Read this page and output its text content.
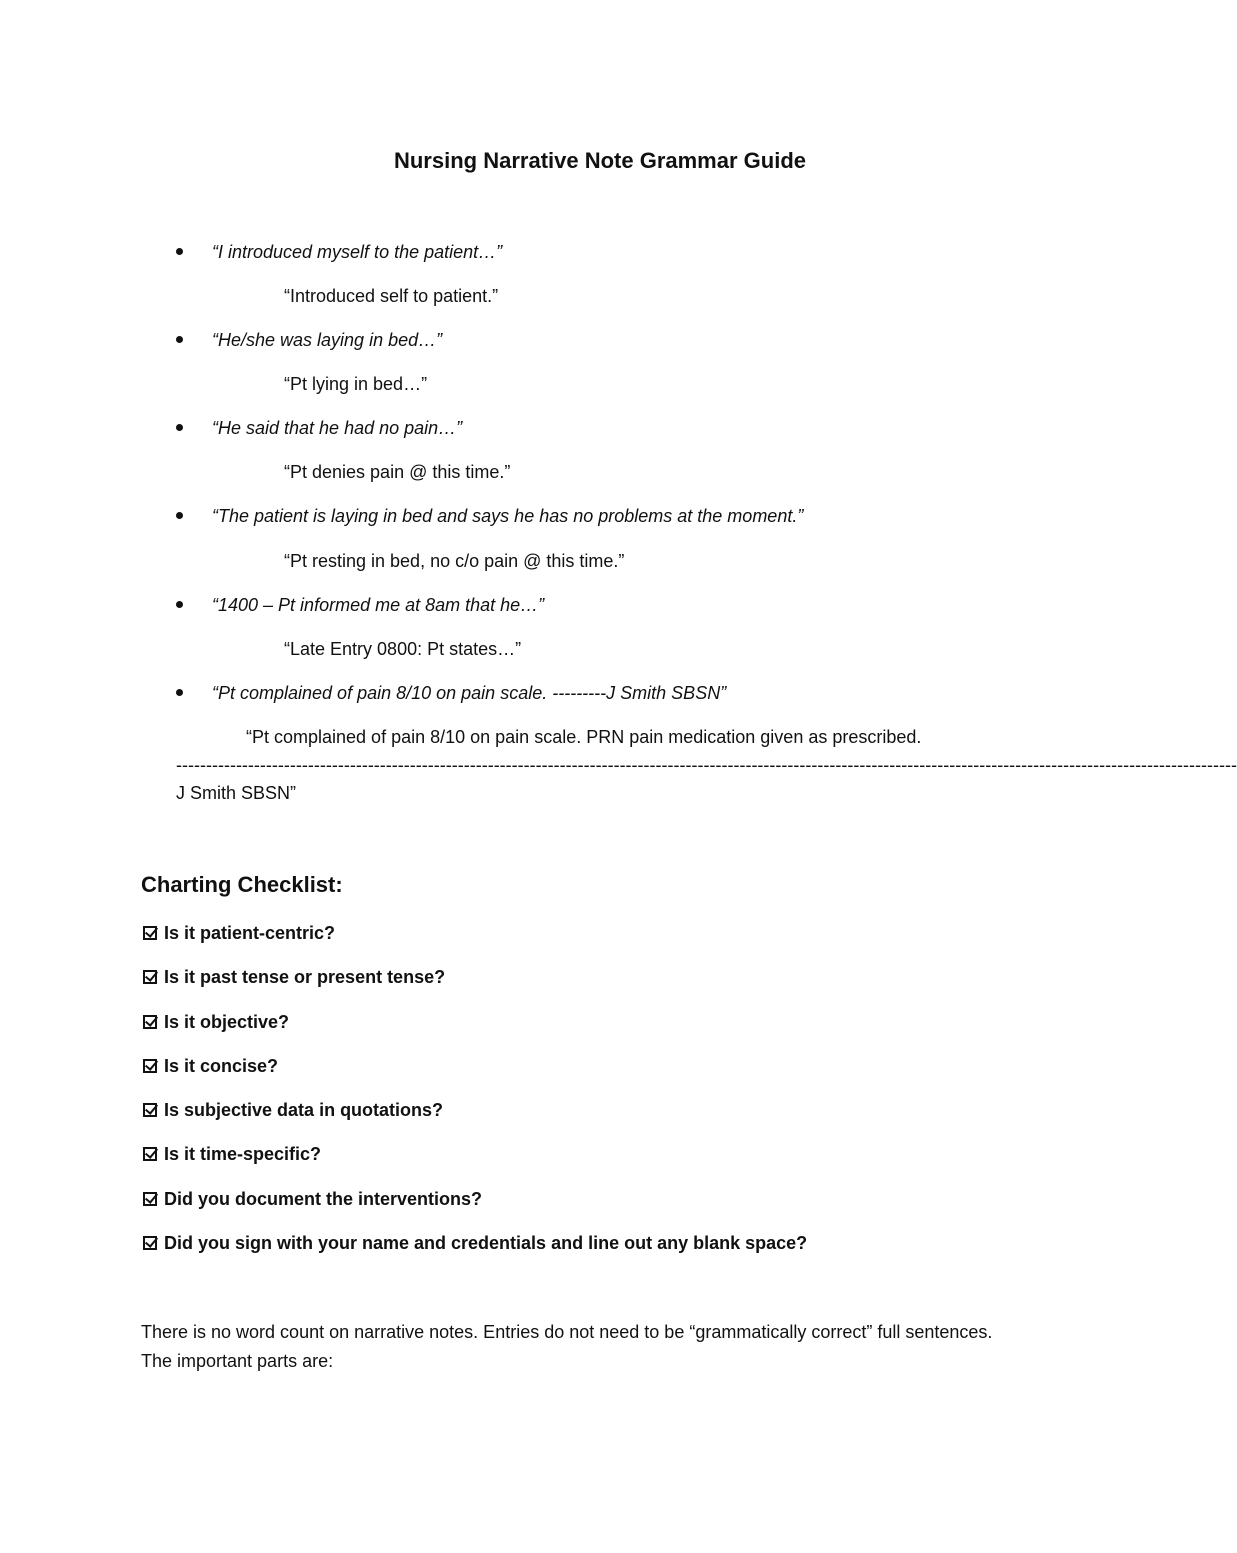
Nursing Narrative Note Grammar Guide
“I introduced myself to the patient…”
“Introduced self to patient.”
“He/she was laying in bed…”
“Pt lying in bed…”
“He said that he had no pain…”
“Pt denies pain @ this time.”
“The patient is laying in bed and says he has no problems at the moment.”
“Pt resting in bed, no c/o pain @ this time.”
“1400 – Pt informed me at 8am that he…”
“Late Entry 0800: Pt states…”
“Pt complained of pain 8/10 on pain scale. ---------J Smith SBSN”
“Pt complained of pain 8/10 on pain scale. PRN pain medication given as prescribed.

---------------------------------------------------------------------------------------------------------------------------------------------------------------------------------
J Smith SBSN”
Charting Checklist:
Is it patient-centric?
Is it past tense or present tense?
Is it objective?
Is it concise?
Is subjective data in quotations?
Is it time-specific?
Did you document the interventions?
Did you sign with your name and credentials and line out any blank space?
There is no word count on narrative notes. Entries do not need to be “grammatically correct” full sentences. The important parts are:
